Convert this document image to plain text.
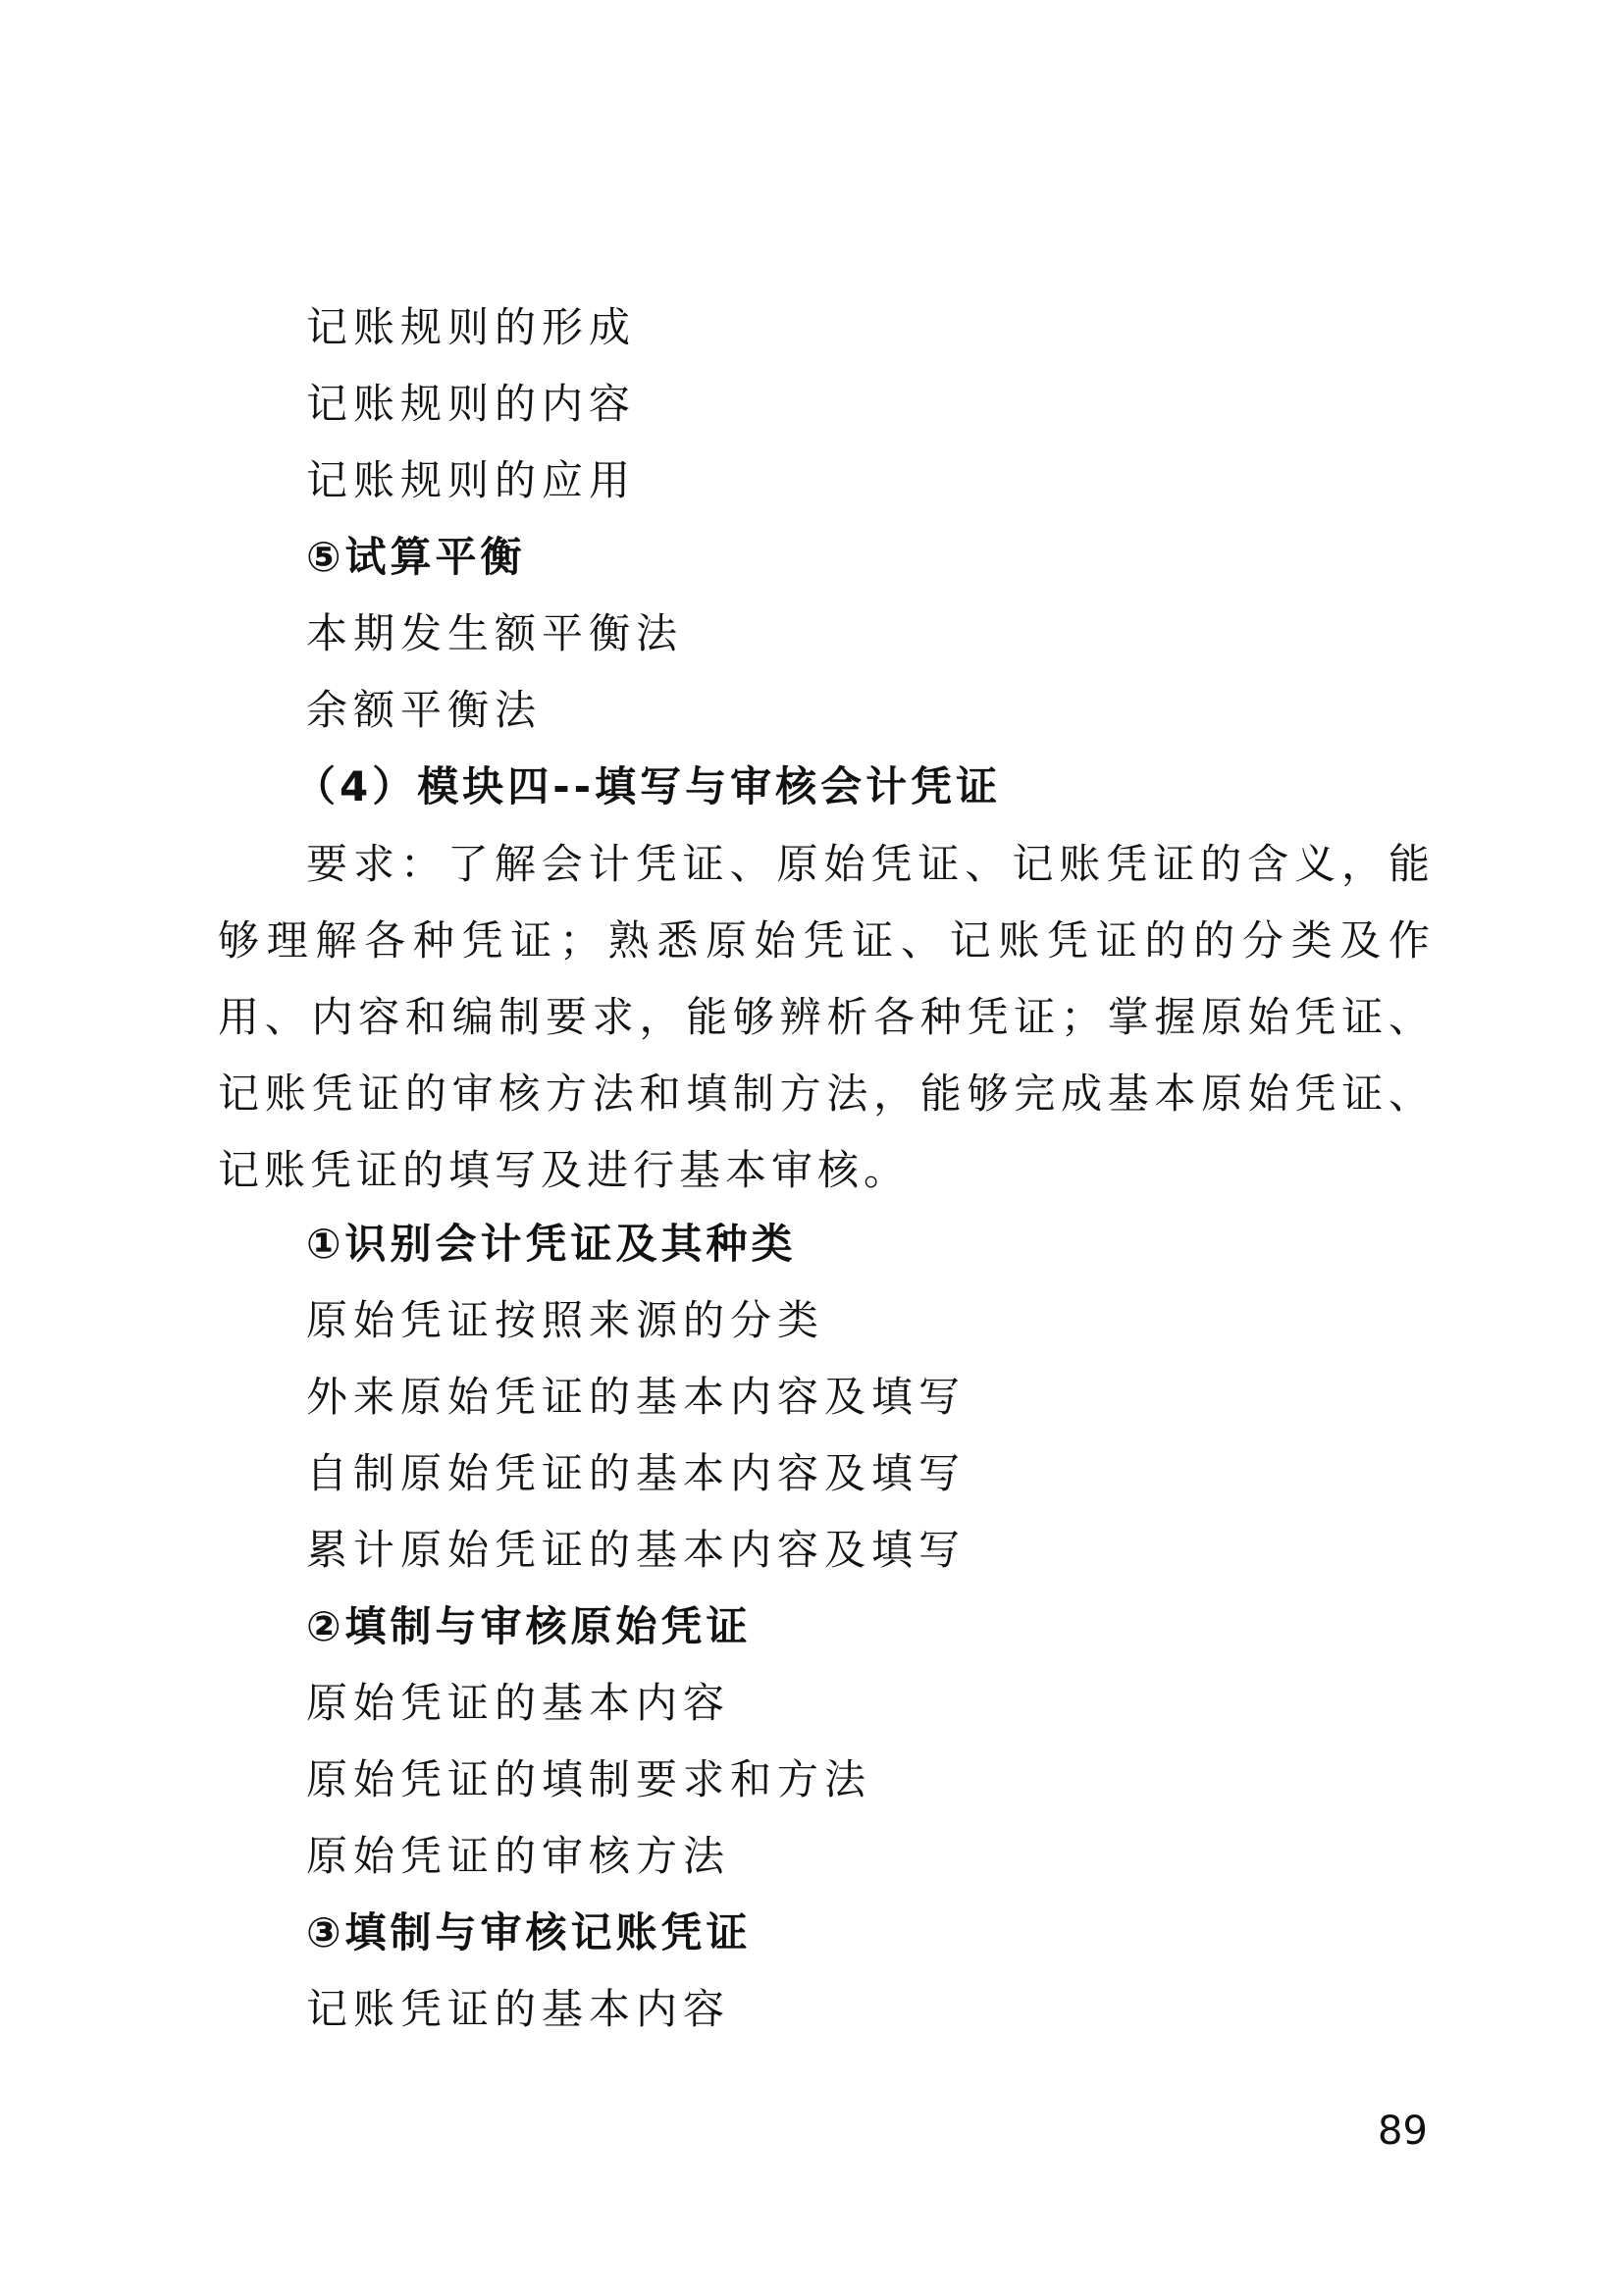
记账规则的形成
记账规则的内容
记账规则的应用
⑤试算平衡
本期发生额平衡法
余额平衡法
（4）模块四--填写与审核会计凭证

要求：了解会计凭证、原始凭证、记账凭证的含义，能够理解各种凭证；熟悉原始凭证、记账凭证的的分类及作用、内容和编制要求，能够辨析各种凭证；掌握原始凭证、记账凭证的审核方法和填制方法，能够完成基本原始凭证、记账凭证的填写及进行基本审核。

①识别会计凭证及其种类
原始凭证按照来源的分类
外来原始凭证的基本内容及填写
自制原始凭证的基本内容及填写
累计原始凭证的基本内容及填写
②填制与审核原始凭证
原始凭证的基本内容
原始凭证的填制要求和方法
原始凭证的审核方法
③填制与审核记账凭证
记账凭证的基本内容
89
